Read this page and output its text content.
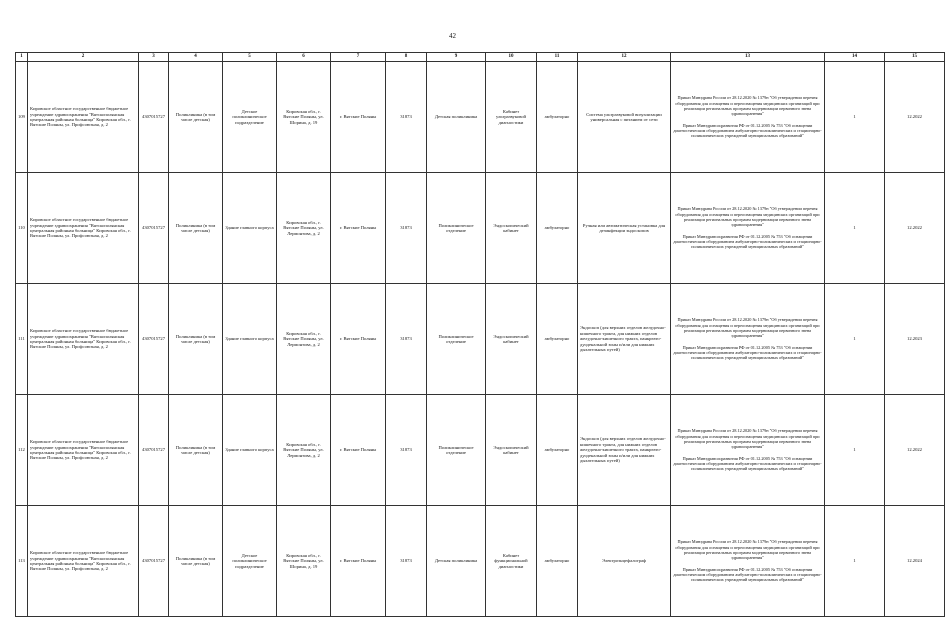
42
1	2	3	4	5	6	7	8	9	10	11	12	13	14	15
109	Кировское областное государственное бюджетное учреждение здравоохранения "Вятскополянская центральная районная больница" Кировская обл., г. Вятские Поляны, ул. Профсоюзная, д. 2	4307015727	Поликлиника (в том числе детская)	Детское поликлиническое подразделение	Кировская обл., г. Вятские Поляны, ул. Шорина, д. 19	г. Вятские Поляны	31873	Детская поликлиника	Кабинет ультразвуковой диагностики	амбулаторно	Система ультразвуковой визуализации универсальная с питанием от сети	Приказ Минздрава России от 28.12.2020 № 1379н "Об утверждении перечня оборудования для оснащения и переоснащения медицинских организаций при реализации региональных программ модернизации первичного звена здравоохранения"
Приказ Минздравсоцразвития РФ от 01.12.2005 № 753 "Об оснащении диагностическим оборудованием амбулаторно-поликлинических и стационарно-поликлинических учреждений муниципальных образований"	1	12.2022
110	Кировское областное государственное бюджетное учреждение здравоохранения "Вятскополянская центральная районная больница" Кировская обл., г. Вятские Поляны, ул. Профсоюзная, д. 2	4307015727	Поликлиника (в том числе детская)	Здание главного корпуса	Кировская обл., г. Вятские Поляны, ул. Лермонтова, д. 2	г. Вятские Поляны	31873	Поликлиническое отделение	Эндоскопический кабинет	амбулаторно	Ручная или автоматическая установка для дезинфекции эндоскопов	Приказ Минздрава России от 28.12.2020 № 1379н "Об утверждении перечня оборудования для оснащения и переоснащения медицинских организаций при реализации региональных программ модернизации первичного звена здравоохранения"
Приказ Минздравсоцразвития РФ от 01.12.2005 № 753 "Об оснащении диагностическим оборудованием амбулаторно-поликлинических и стационарно-поликлинических учреждений муниципальных образований"	1	12.2022
111	Кировское областное государственное бюджетное учреждение здравоохранения "Вятскополянская центральная районная больница" Кировская обл., г. Вятские Поляны, ул. Профсоюзная, д. 2	4307015727	Поликлиника (в том числе детская)	Здание главного корпуса	Кировская обл., г. Вятские Поляны, ул. Лермонтова, д. 2	г. Вятские Поляны	31873	Поликлиническое отделение	Эндоскопический кабинет	амбулаторно	Эндоскоп (для верхних отделов желудочно-кишечного тракта, для нижних отделов желудочно-кишечного тракта, панкреато-дуоденальной зоны и/или для нижних дыхательных путей)	Приказ Минздрава России от 28.12.2020 № 1379н "Об утверждении перечня оборудования для оснащения и переоснащения медицинских организаций при реализации региональных программ модернизации первичного звена здравоохранения"
Приказ Минздравсоцразвития РФ от 01.12.2005 № 753 "Об оснащении диагностическим оборудованием амбулаторно-поликлинических и стационарно-поликлинических учреждений муниципальных образований"	1	12.2023
112	Кировское областное государственное бюджетное учреждение здравоохранения "Вятскополянская центральная районная больница" Кировская обл., г. Вятские Поляны, ул. Профсоюзная, д. 2	4307015727	Поликлиника (в том числе детская)	Здание главного корпуса	Кировская обл., г. Вятские Поляны, ул. Лермонтова, д. 2	г. Вятские Поляны	31873	Поликлиническое отделение	Эндоскопический кабинет	амбулаторно	Эндоскоп (для верхних отделов желудочно-кишечного тракта, для нижних отделов желудочно-кишечного тракта, панкреато-дуоденальной зоны и/или для нижних дыхательных путей)	Приказ Минздрава России от 28.12.2020 № 1379н "Об утверждении перечня оборудования для оснащения и переоснащения медицинских организаций при реализации региональных программ модернизации первичного звена здравоохранения"
Приказ Минздравсоцразвития РФ от 01.12.2005 № 753 "Об оснащении диагностическим оборудованием амбулаторно-поликлинических и стационарно-поликлинических учреждений муниципальных образований"	1	12.2022
113	Кировское областное государственное бюджетное учреждение здравоохранения "Вятскополянская центральная районная больница" Кировская обл., г. Вятские Поляны, ул. Профсоюзная, д. 2	4307015727	Поликлиника (в том числе детская)	Детское поликлиническое подразделение	Кировская обл., г. Вятские Поляны, ул. Шорина, д. 19	г. Вятские Поляны	31873	Детская поликлиника	Кабинет функциональной диагностики	амбулаторно	Электроэнцефалограф	Приказ Минздрава России от 28.12.2020 № 1379н "Об утверждении перечня оборудования для оснащения и переоснащения медицинских организаций при реализации региональных программ модернизации первичного звена здравоохранения"
Приказ Минздравсоцразвития РФ от 01.12.2005 № 753 "Об оснащении диагностическим оборудованием амбулаторно-поликлинических и стационарно-поликлинических учреждений муниципальных образований"	1	12.2024
